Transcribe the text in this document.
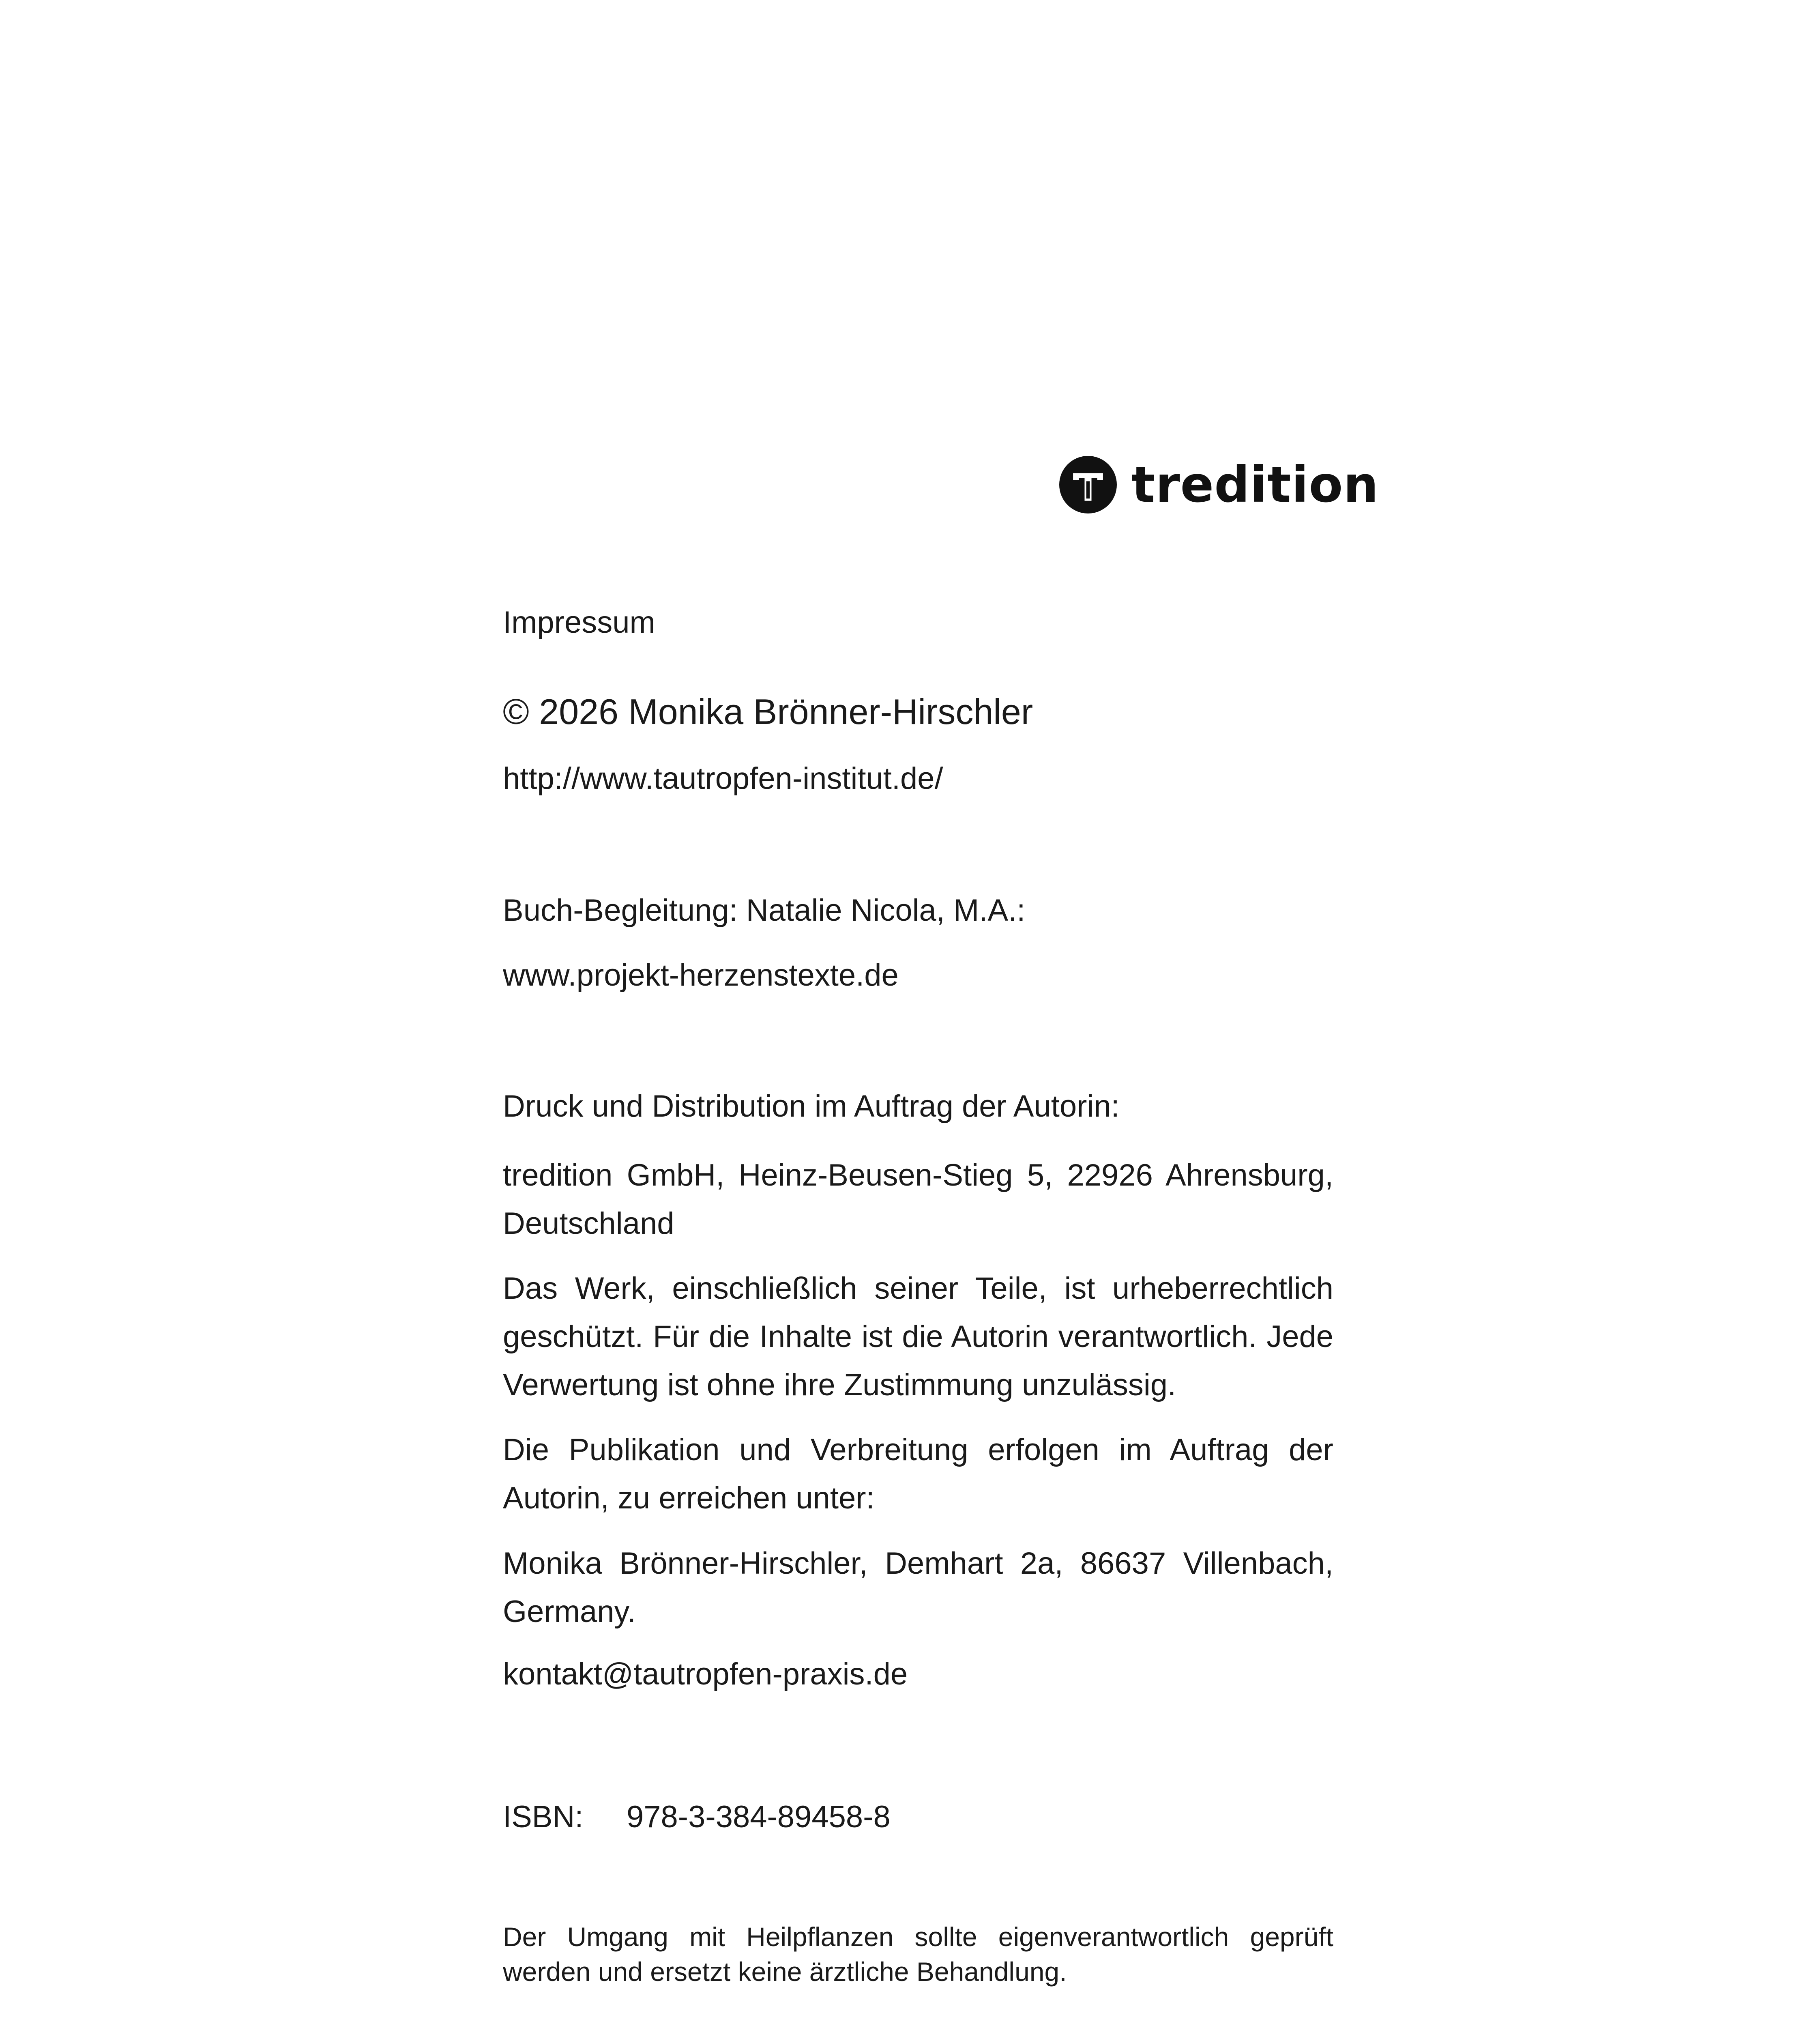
tredition
Impressum
© 2026 Monika Brönner-Hirschler
http://www.tautropfen-institut.de/
Buch-Begleitung: Natalie Nicola, M.A.:
www.projekt-herzenstexte.de
Druck und Distribution im Auftrag der Autorin:
tredition GmbH, Heinz-Beusen-Stieg 5, 22926 Ahrensburg, Deutschland
Das Werk, einschließlich seiner Teile, ist urheberrechtlich geschützt. Für die Inhalte ist die Autorin verantwortlich. Jede Verwertung ist ohne ihre Zustimmung unzulässig.
Die Publikation und Verbreitung erfolgen im Auftrag der Autorin, zu erreichen unter:
Monika Brönner-Hirschler, Demhart 2a, 86637 Villenbach, Germany.
kontakt@tautropfen-praxis.de
ISBN: 978-3-384-89458-8
Der Umgang mit Heilpflanzen sollte eigenverantwortlich geprüft werden und ersetzt keine ärztliche Behandlung.
